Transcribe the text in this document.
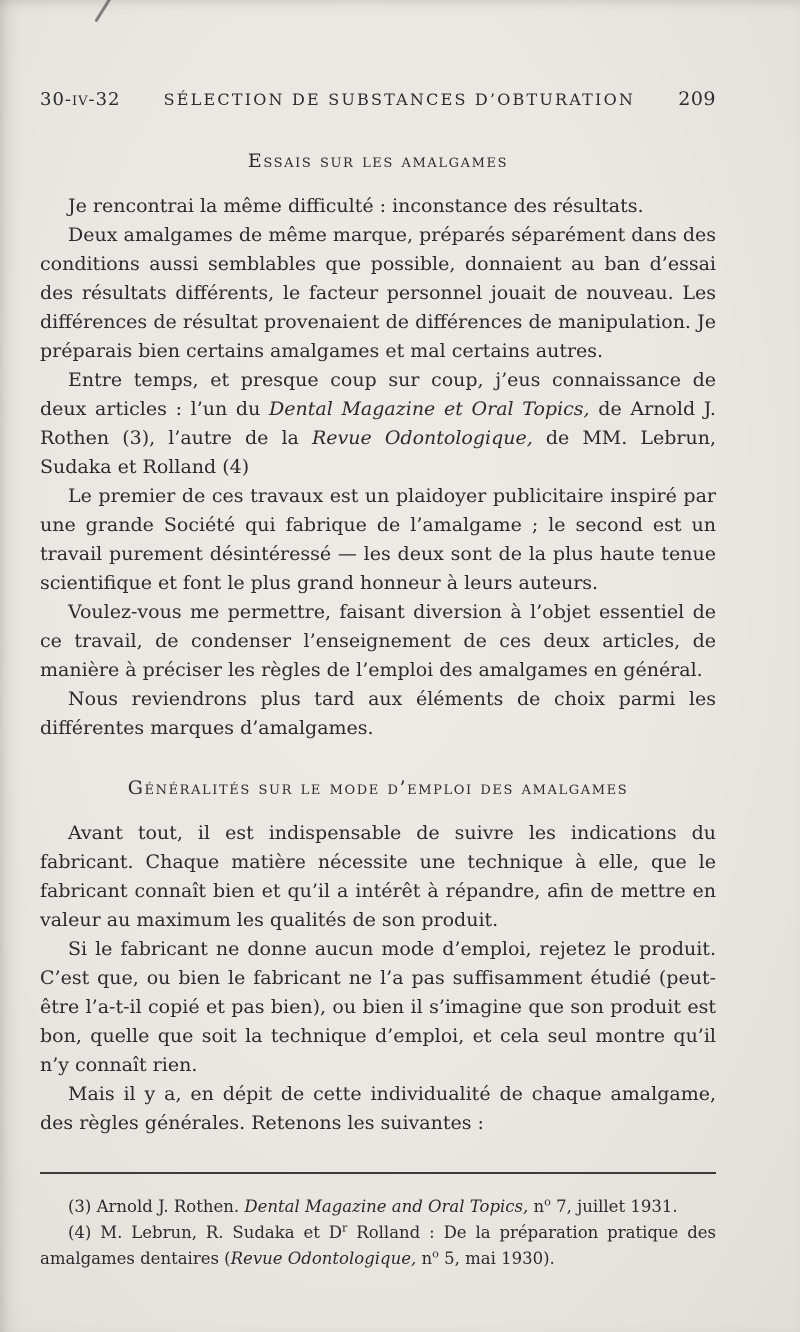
30-iv-32	SÉLECTION DE SUBSTANCES D’OBTURATION 209
Essais sur les amalgames

Je rencontrai la même difficulté : inconstance des résultats.

Deux amalgames de même marque, préparés séparément dans des conditions aussi semblables que possible, donnaient au ban d’essai des résultats différents, le facteur personnel jouait de nouveau. Les différences de résultat provenaient de différences de manipulation. Je préparais bien certains amalgames et mal certains autres.

Entre temps, et presque coup sur coup, j’eus connaissance de deux articles : l’un du Dental Magazine et Oral Topics, de Arnold J. Rothen (3), l’autre de la Revue Odontologique, de MM. Lebrun, Sudaka et Rolland (4)

Le premier de ces travaux est un plaidoyer publicitaire inspiré par une grande Société qui fabrique de l’amalgame ; le second est un travail purement désintéressé — les deux sont de la plus haute tenue scientifique et font le plus grand honneur à leurs auteurs.

Voulez-vous me permettre, faisant diversion à l’objet essentiel de ce travail, de condenser l’enseignement de ces deux articles, de manière à préciser les règles de l’emploi des amalgames en général.

Nous reviendrons plus tard aux éléments de choix parmi les différentes marques d’amalgames.

Généralités sur le mode d’emploi des amalgames

Avant tout, il est indispensable de suivre les indications du fabricant. Chaque matière nécessite une technique à elle, que le fabricant connaît bien et qu’il a intérêt à répandre, afin de mettre en valeur au maximum les qualités de son produit.

Si le fabricant ne donne aucun mode d’emploi, rejetez le produit. C’est que, ou bien le fabricant ne l’a pas suffisamment étudié (peut-être l’a-t-il copié et pas bien), ou bien il s’imagine que son produit est bon, quelle que soit la technique d’emploi, et cela seul montre qu’il n’y connaît rien.

Mais il y a, en dépit de cette individualité de chaque amalgame, des règles générales. Retenons les suivantes :

(3) Arnold J. Rothen. Dental Magazine and Oral Topics, $n^o$ 7, juillet 1931.

(4) M. Lebrun, R. Sudaka et $D^r$ Rolland : De la préparation pratique des amalgames dentaires (Revue Odontologique, $n^o$ 5, mai 1930).
